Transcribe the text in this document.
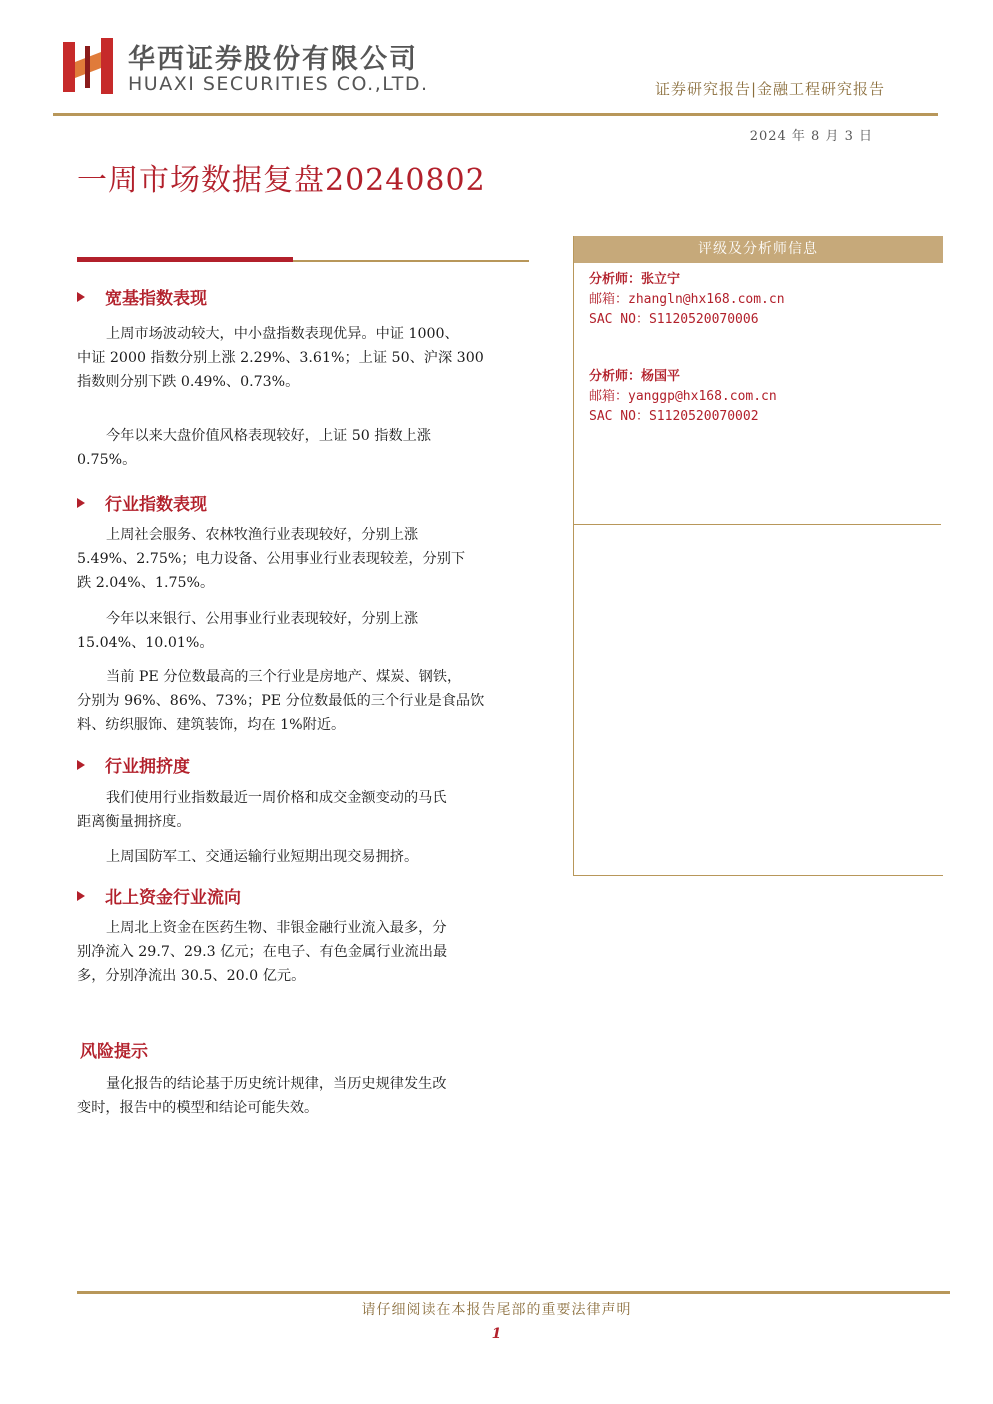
华西证券股份有限公司
HUAXI SECURITIES CO.,LTD.	证券研究报告|金融工程研究报告
2024 年 8 月 3 日
一周市场数据复盘20240802
宽基指数表现
上周市场波动较大，中小盘指数表现优异。中证 1000、
中证 2000 指数分别上涨 2.29%、3.61%；上证 50、沪深 300
指数则分别下跌 0.49%、0.73%。
今年以来大盘价值风格表现较好，上证 50 指数上涨
0.75%。
行业指数表现
上周社会服务、农林牧渔行业表现较好，分别上涨
5.49%、2.75%；电力设备、公用事业行业表现较差，分别下
跌 2.04%、1.75%。
今年以来银行、公用事业行业表现较好，分别上涨
15.04%、10.01%。
当前 PE 分位数最高的三个行业是房地产、煤炭、钢铁，
分别为 96%、86%、73%；PE 分位数最低的三个行业是食品饮
料、纺织服饰、建筑装饰，均在 1%附近。
行业拥挤度
我们使用行业指数最近一周价格和成交金额变动的马氏
距离衡量拥挤度。
上周国防军工、交通运输行业短期出现交易拥挤。
北上资金行业流向
上周北上资金在医药生物、非银金融行业流入最多，分
别净流入 29.7、29.3 亿元；在电子、有色金属行业流出最
多，分别净流出 30.5、20.0 亿元。
风险提示
量化报告的结论基于历史统计规律，当历史规律发生改
变时，报告中的模型和结论可能失效。
评级及分析师信息
分析师：张立宁
邮箱：zhangln@hx168.com.cn
SAC NO：S1120520070006
分析师：杨国平
邮箱：yanggp@hx168.com.cn
SAC NO：S1120520070002
请仔细阅读在本报告尾部的重要法律声明
1
